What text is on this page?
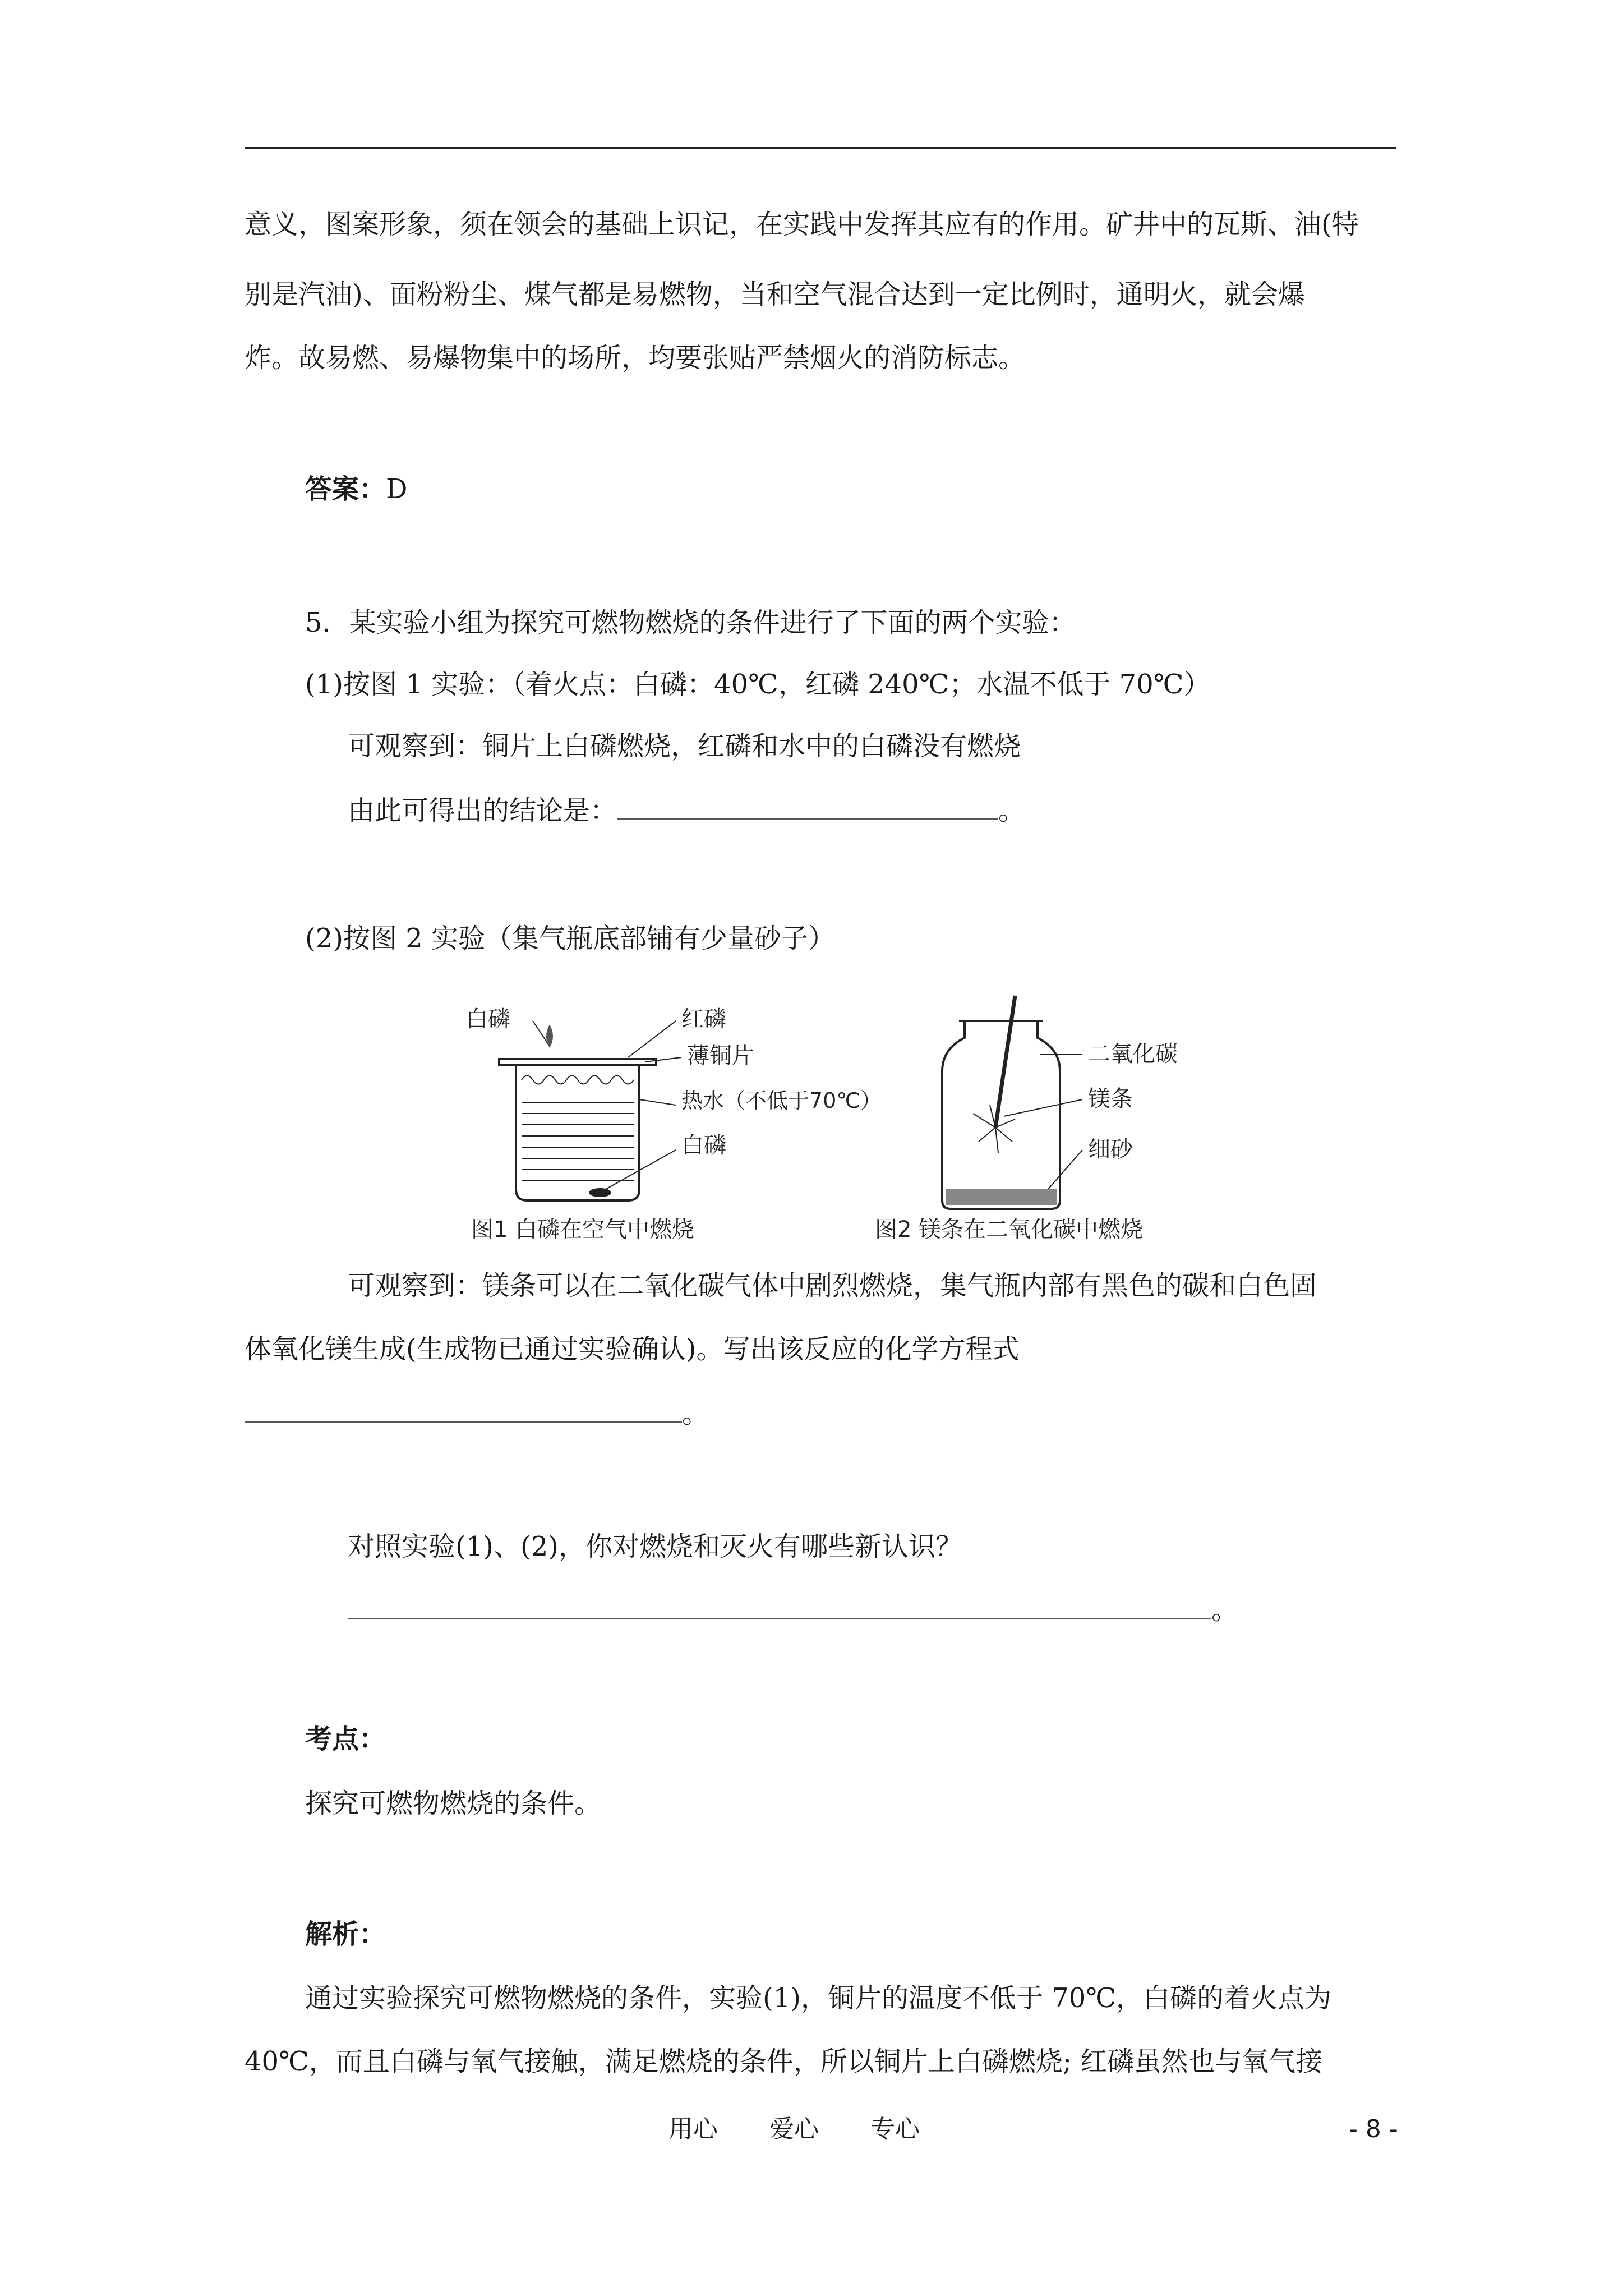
意义，图案形象，须在领会的基础上识记，在实践中发挥其应有的作用。矿井中的瓦斯、油(特
别是汽油)、面粉粉尘、煤气都是易燃物，当和空气混合达到一定比例时，通明火，就会爆
炸。故易燃、易爆物集中的场所，均要张贴严禁烟火的消防标志。
答案：D
5．某实验小组为探究可燃物燃烧的条件进行了下面的两个实验：
(1)按图 1 实验：（着火点：白磷：40℃，红磷 240℃；水温不低于 70℃）
可观察到：铜片上白磷燃烧，红磷和水中的白磷没有燃烧
由此可得出的结论是：	。
(2)按图 2 实验（集气瓶底部铺有少量砂子）
白磷	红磷
薄铜片
热水（不低于70℃）
白磷
图1 白磷在空气中燃烧
二氧化碳
镁条
细砂
图2 镁条在二氧化碳中燃烧
可观察到：镁条可以在二氧化碳气体中剧烈燃烧，集气瓶内部有黑色的碳和白色固
体氧化镁生成(生成物已通过实验确认)。写出该反应的化学方程式
。
对照实验(1)、(2)，你对燃烧和灭火有哪些新认识？
。
考点：
探究可燃物燃烧的条件。
解析：
通过实验探究可燃物燃烧的条件，实验(1)，铜片的温度不低于 70℃，白磷的着火点为
40℃，而且白磷与氧气接触，满足燃烧的条件，所以铜片上白磷燃烧; 红磷虽然也与氧气接
用心 爱心 专心	- 8 -
